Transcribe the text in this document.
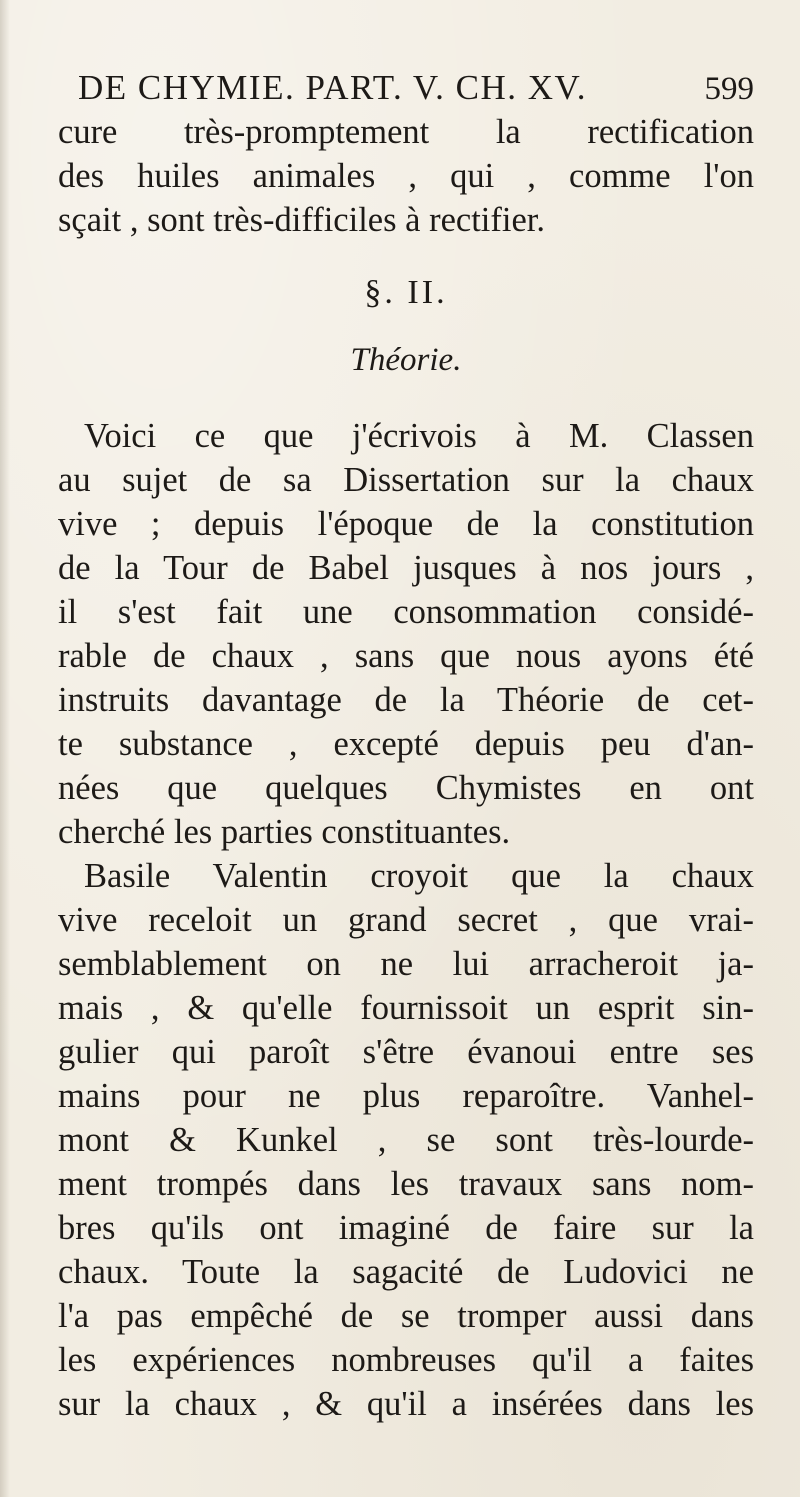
DE CHYMIE. PART. V. CH. XV.	599
cure très-promptement la rectification
des huiles animales , qui , comme l'on
sçait , sont très-difficiles à rectifier.
§. II.
Théorie.
Voici ce que j'écrivois à M. Classen
au sujet de sa Dissertation sur la chaux
vive ; depuis l'époque de la constitution
de la Tour de Babel jusques à nos jours ,
il s'est fait une consommation considé-
rable de chaux , sans que nous ayons été
instruits davantage de la Théorie de cet-
te substance , excepté depuis peu d'an-
nées que quelques Chymistes en ont
cherché les parties constituantes.
Basile Valentin croyoit que la chaux
vive receloit un grand secret , que vrai-
semblablement on ne lui arracheroit ja-
mais , & qu'elle fournissoit un esprit sin-
gulier qui paroît s'être évanoui entre ses
mains pour ne plus reparoître. Vanhel-
mont & Kunkel , se sont très-lourde-
ment trompés dans les travaux sans nom-
bres qu'ils ont imaginé de faire sur la
chaux. Toute la sagacité de Ludovici ne
l'a pas empêché de se tromper aussi dans
les expériences nombreuses qu'il a faites
sur la chaux , & qu'il a insérées dans les
